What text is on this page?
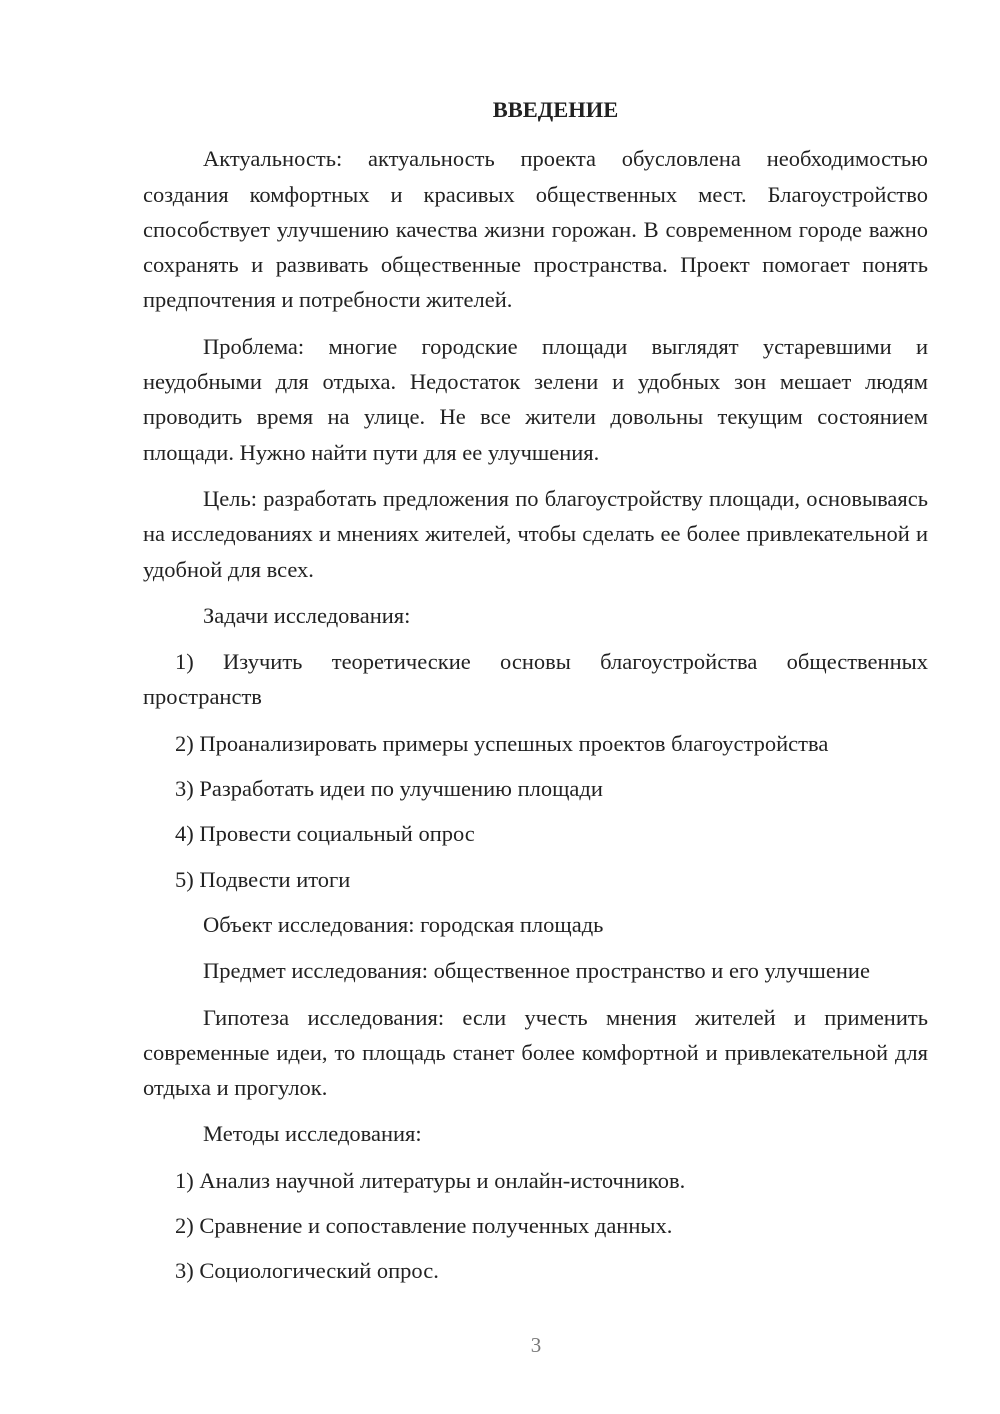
ВВЕДЕНИЕ
Актуальность: актуальность проекта обусловлена необходимостью создания комфортных и красивых общественных мест. Благоустройство способствует улучшению качества жизни горожан. В современном городе важно сохранять и развивать общественные пространства. Проект помогает понять предпочтения и потребности жителей.
Проблема: многие городские площади выглядят устаревшими и неудобными для отдыха. Недостаток зелени и удобных зон мешает людям проводить время на улице. Не все жители довольны текущим состоянием площади. Нужно найти пути для ее улучшения.
Цель: разработать предложения по благоустройству площади, основываясь на исследованиях и мнениях жителей, чтобы сделать ее более привлекательной и удобной для всех.
Задачи исследования:
1) Изучить теоретические основы благоустройства общественных пространств
2) Проанализировать примеры успешных проектов благоустройства
3) Разработать идеи по улучшению площади
4) Провести социальный опрос
5) Подвести итоги
Объект исследования: городская площадь
Предмет исследования: общественное пространство и его улучшение
Гипотеза исследования: если учесть мнения жителей и применить современные идеи, то площадь станет более комфортной и привлекательной для отдыха и прогулок.
Методы исследования:
1) Анализ научной литературы и онлайн-источников.
2) Сравнение и сопоставление полученных данных.
3) Социологический опрос.
3
